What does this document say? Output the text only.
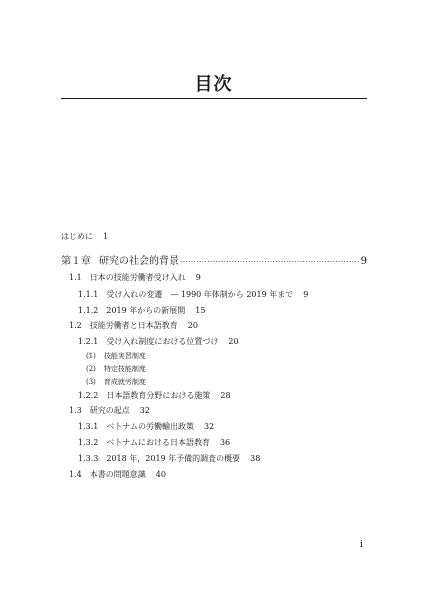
目次
はじめに 1
第１章 研究の社会的背景
·····	9
1.1 日本の技能労働者受け入れ 9
1.1.1 受け入れの変遷　― 1990 年体制から 2019 年まで 9
1.1.2 2019 年からの新展開 15
1.2 技能労働者と日本語教育 20
1.2.1 受け入れ制度における位置づけ 20
(1) 技能実習制度
(2) 特定技能制度
(3) 育成就労制度
1.2.2 日本語教育分野における施策 28
1.3 研究の起点 32
1.3.1 ベトナムの労働輸出政策 32
1.3.2 ベトナムにおける日本語教育 36
1.3.3 2018 年，2019 年予備的調査の概要 38
1.4 本書の問題意識 40
i
